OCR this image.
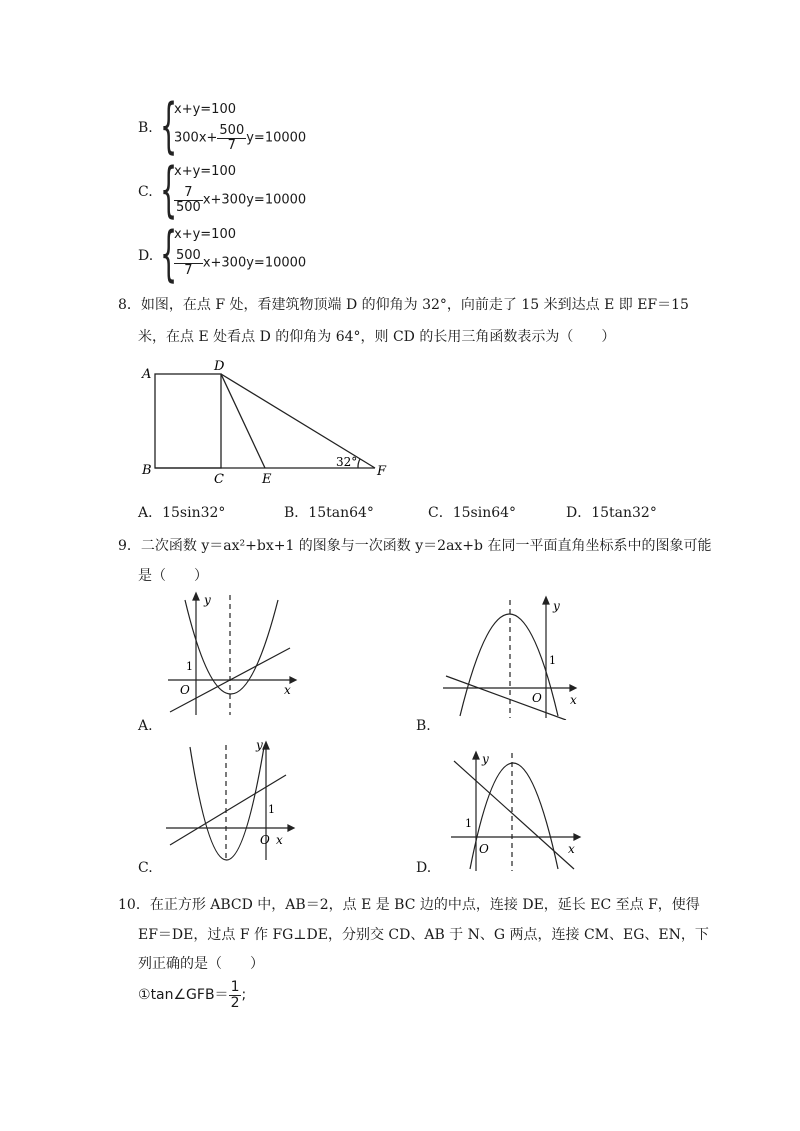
B. {
x+y=100
$300x+ \frac{500}{7} y=10000$
C. {
x+y=100
$\frac{7}{500} x+300y=10000$
D. {
x+y=100
$\frac{500}{7} x+300y=10000$
8．如图，在点 F 处，看建筑物顶端 D 的仰角为 32°，向前走了 15 米到达点 E 即 EF＝15
米，在点 E 处看点 D 的仰角为 64°，则 CD 的长用三角函数表示为（　　）
A
D
B
C	E
F
32°
A．15sin32°	B．15tan64°	C．15sin64°	D．15tan32°
9．二次函数 y＝ax²+bx+1 的图象与一次函数 y＝2ax+b 在同一平面直角坐标系中的图象可能
是（　　）
y
x
O
1
A.
y
x
O
1
B.
y
x
O
1
C.
y
x
O
1
D.
10．在正方形 ABCD 中，AB＝2，点 E 是 BC 边的中点，连接 DE，延长 EC 至点 F，使得
EF＝DE，过点 F 作 FG⊥DE，分别交 CD、AB 于 N、G 两点，连接 CM、EG、EN，下
列正确的是（　　）
①tan∠GFB＝ $\frac{1}{2}$ ;
